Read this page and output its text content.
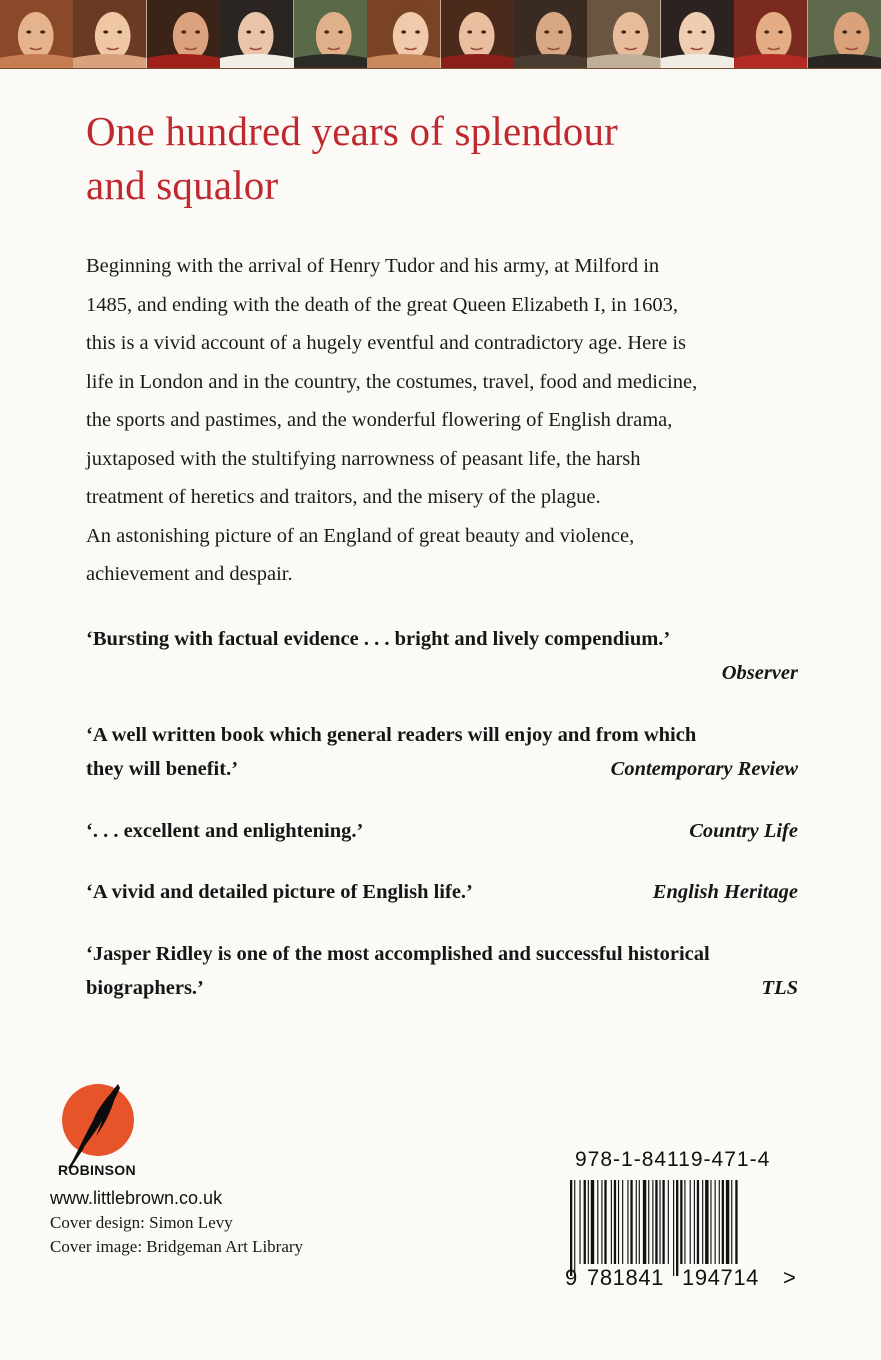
One hundred years of splendour
and squalor

Beginning with the arrival of Henry Tudor and his army, at Milford in

1485, and ending with the death of the great Queen Elizabeth I, in 1603,

this is a vivid account of a hugely eventful and contradictory age. Here is

life in London and in the country, the costumes, travel, food and medicine,

the sports and pastimes, and the wonderful flowering of English drama,

juxtaposed with the stultifying narrowness of peasant life, the harsh

treatment of heretics and traitors, and the misery of the plague.

An astonishing picture of an England of great beauty and violence,

achievement and despair.

‘Bursting with factual evidence . . . bright and lively compendium.’
Observer
‘A well written book which general readers will enjoy and from which
they will benefit.’	Contemporary Review
‘. . . excellent and enlightening.’	Country Life
‘A vivid and detailed picture of English life.’	English Heritage
‘Jasper Ridley is one of the most accomplished and successful historical
biographers.’	TLS
ROBINSON
www.littlebrown.co.uk
Cover design: Simon Levy
Cover image: Bridgeman Art Library
978-1-84119-471-4
9 781841 194714 >
